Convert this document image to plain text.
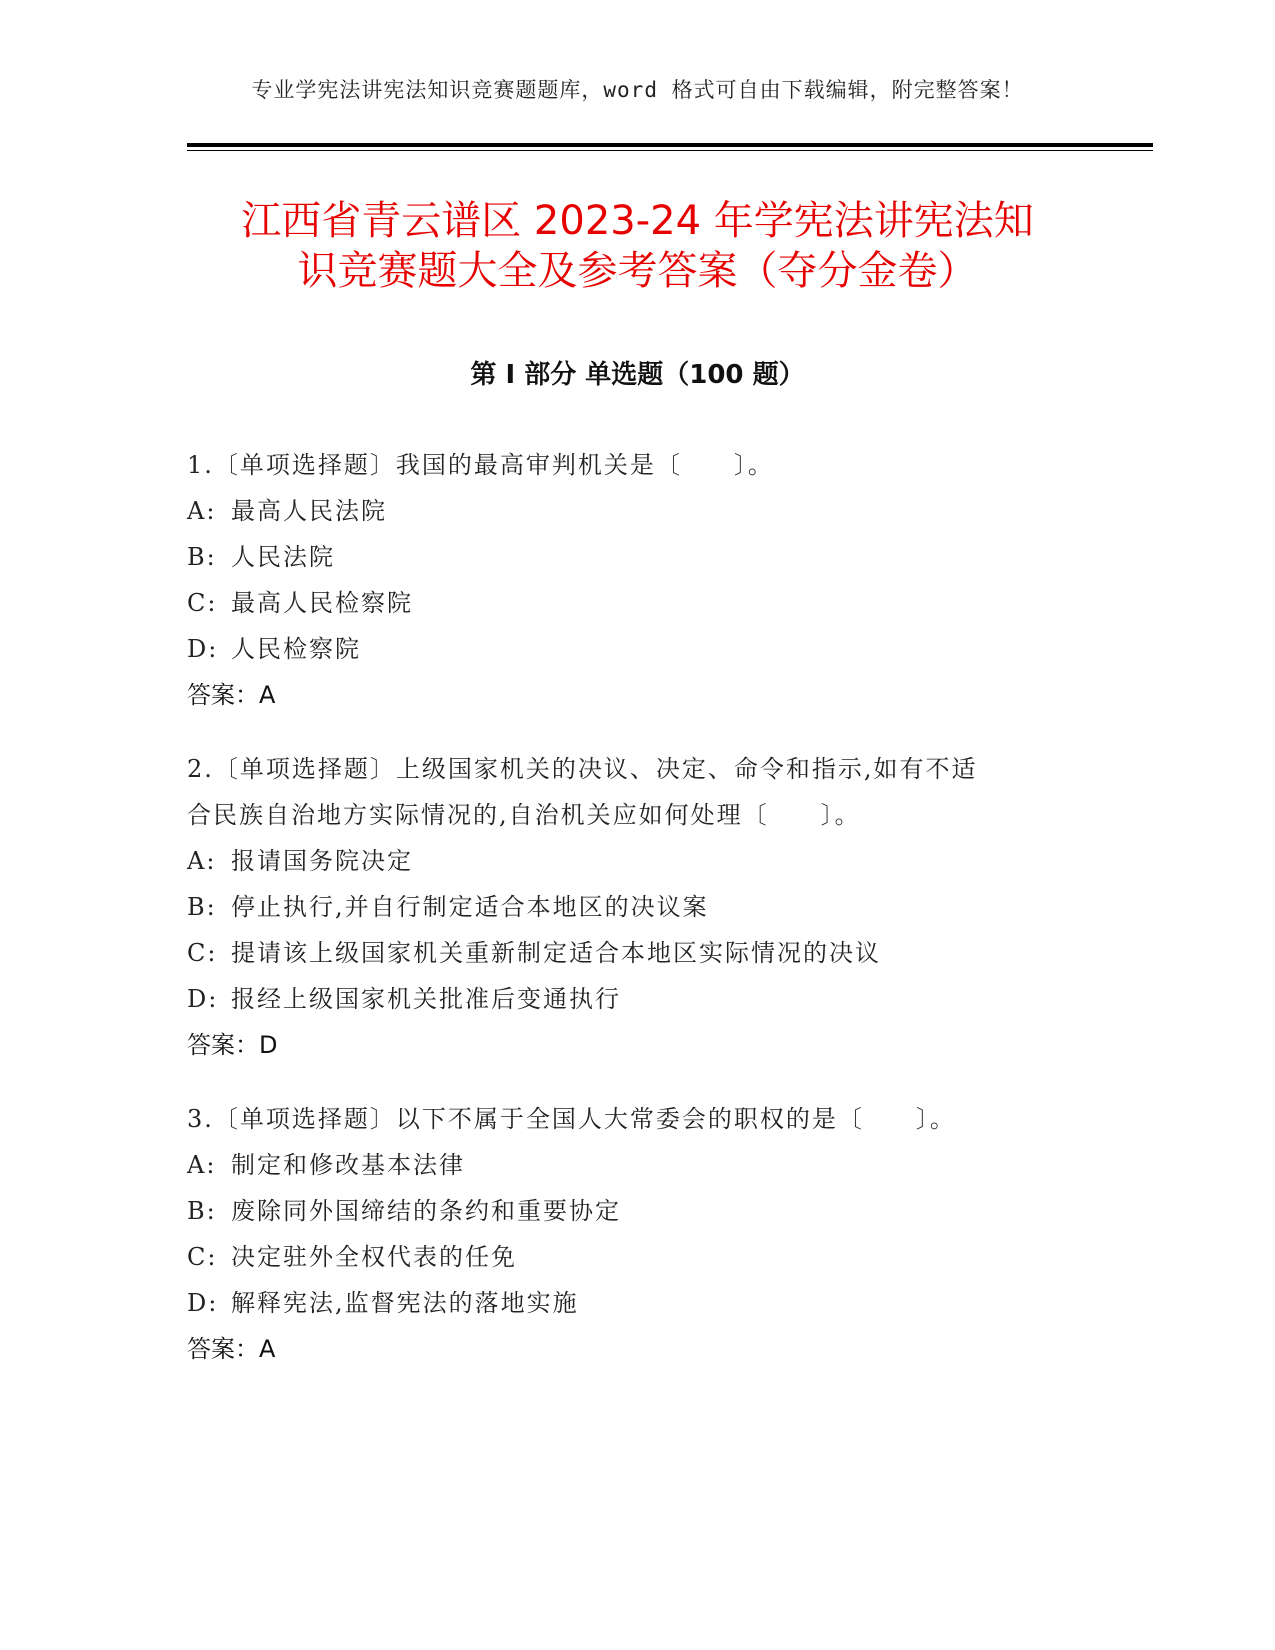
专业学宪法讲宪法知识竞赛题题库，word 格式可自由下载编辑，附完整答案！
江西省青云谱区 2023-24 年学宪法讲宪法知
识竞赛题大全及参考答案（夺分金卷）
第 I 部分 单选题（100 题）

1.〔单项选择题〕我国的最高审判机关是〔　　〕。

A: 最高人民法院

B: 人民法院

C: 最高人民检察院

D: 人民检察院

答案：A

2.〔单项选择题〕上级国家机关的决议、决定、命令和指示,如有不适

合民族自治地方实际情况的,自治机关应如何处理〔　　〕。

A: 报请国务院决定

B: 停止执行,并自行制定适合本地区的决议案

C: 提请该上级国家机关重新制定适合本地区实际情况的决议

D: 报经上级国家机关批准后变通执行

答案：D

3.〔单项选择题〕以下不属于全国人大常委会的职权的是〔　　〕。

A: 制定和修改基本法律

B: 废除同外国缔结的条约和重要协定

C: 决定驻外全权代表的任免

D: 解释宪法,监督宪法的落地实施

答案：A
